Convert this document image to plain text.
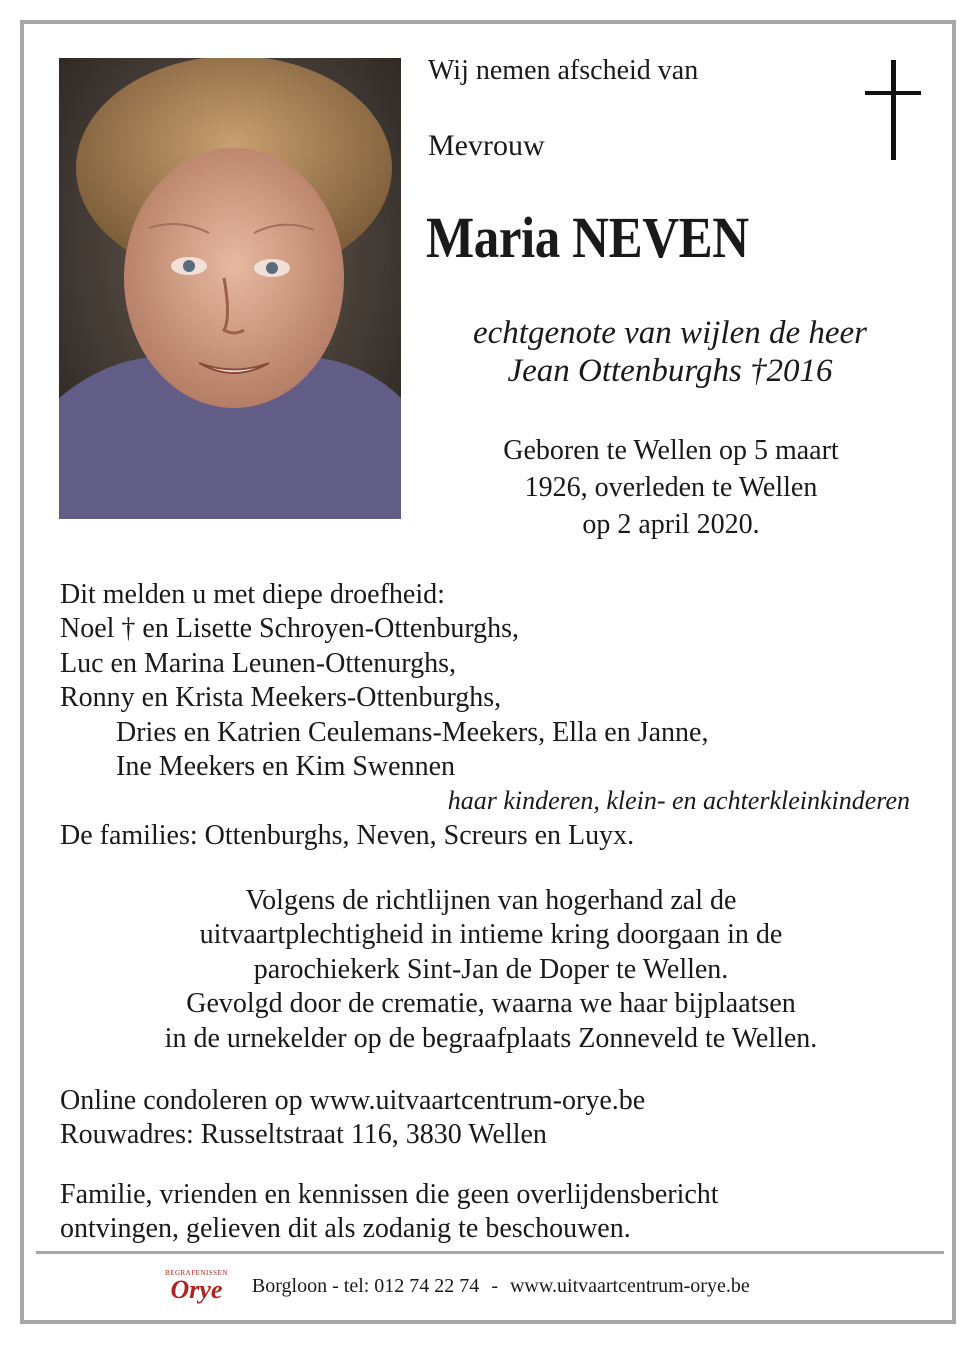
Wij nemen afscheid van
Mevrouw
Maria NEVEN
echtgenote van wijlen de heer
Jean Ottenburghs †2016
Geboren te Wellen op 5 maart
1926, overleden te Wellen
op 2 april 2020.
Dit melden u met diepe droefheid:
Noel † en Lisette Schroyen-Ottenburghs,
Luc en Marina Leunen-Ottenurghs,
Ronny en Krista Meekers-Ottenburghs,
Dries en Katrien Ceulemans-Meekers, Ella en Janne,
Ine Meekers en Kim Swennen
haar kinderen, klein- en achterkleinkinderen
De families: Ottenburghs, Neven, Screurs en Luyx.
Volgens de richtlijnen van hogerhand zal de
uitvaartplechtigheid in intieme kring doorgaan in de
parochiekerk Sint-Jan de Doper te Wellen.
Gevolgd door de crematie, waarna we haar bijplaatsen
in de urnekelder op de begraafplaats Zonneveld te Wellen.
Online condoleren op www.uitvaartcentrum-orye.be
Rouwadres: Russeltstraat 116, 3830 Wellen
Familie, vrienden en kennissen die geen overlijdensbericht
ontvingen, gelieven dit als zodanig te beschouwen.
BEGRAFENISSEN
Orye Borgloon - tel: 012 74 22 74 - www.uitvaartcentrum-orye.be
